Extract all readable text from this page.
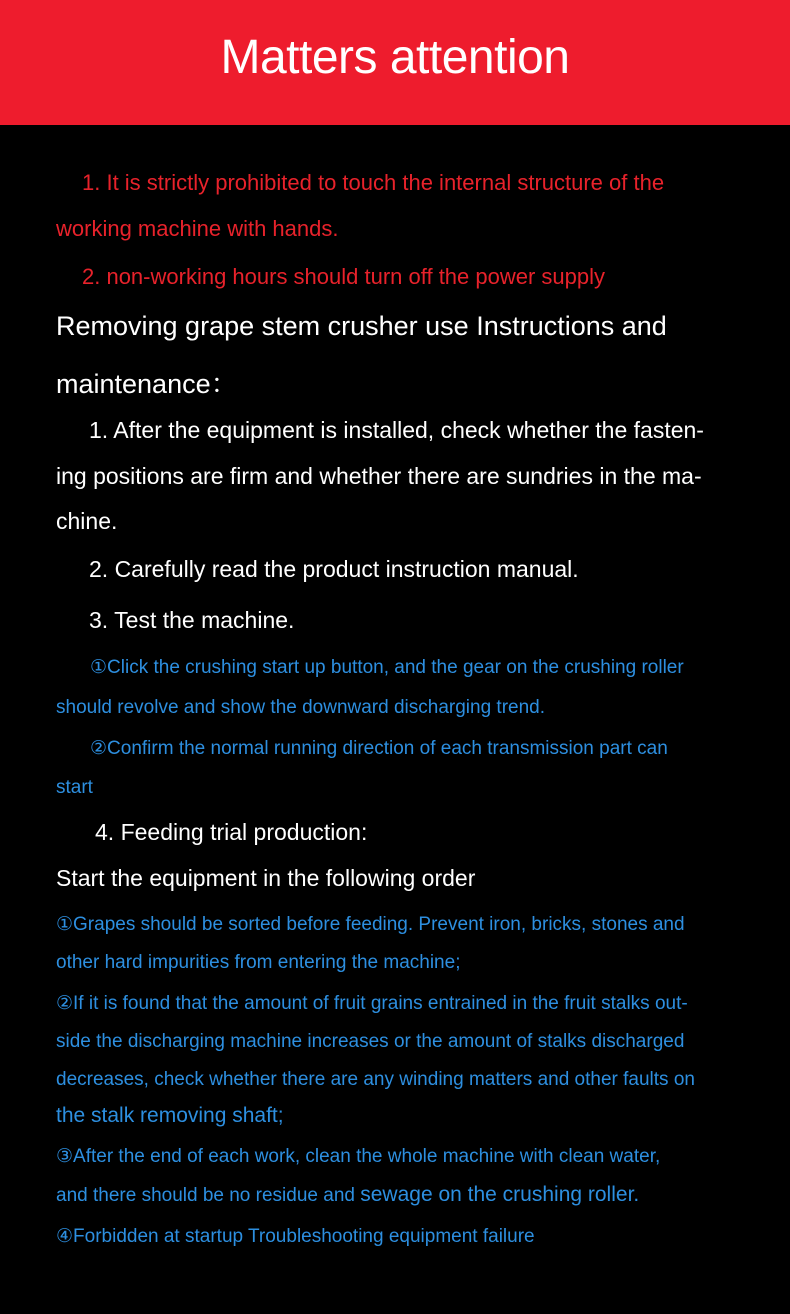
Matters attention
1. It is strictly prohibited to touch the internal structure of the
working machine with hands.
2. non-working hours should turn off the power supply
Removing grape stem crusher use Instructions and
maintenance：
1. After the equipment is installed, check whether the fasten-
ing positions are firm and whether there are sundries in the ma-
chine.
2. Carefully read the product instruction manual.
3. Test the machine.
①Click the crushing start up button, and the gear on the crushing roller
should revolve and show the downward discharging trend.
②Confirm the normal running direction of each transmission part can
start
4. Feeding trial production:
Start the equipment in the following order
①Grapes should be sorted before feeding. Prevent iron, bricks, stones and
other hard impurities from entering the machine;
②If it is found that the amount of fruit grains entrained in the fruit stalks out-
side the discharging machine increases or the amount of stalks discharged
decreases, check whether there are any winding matters and other faults on
the stalk removing shaft;
③After the end of each work, clean the whole machine with clean water,
and there should be no residue and sewage on the crushing roller.
④Forbidden at startup Troubleshooting equipment failure
